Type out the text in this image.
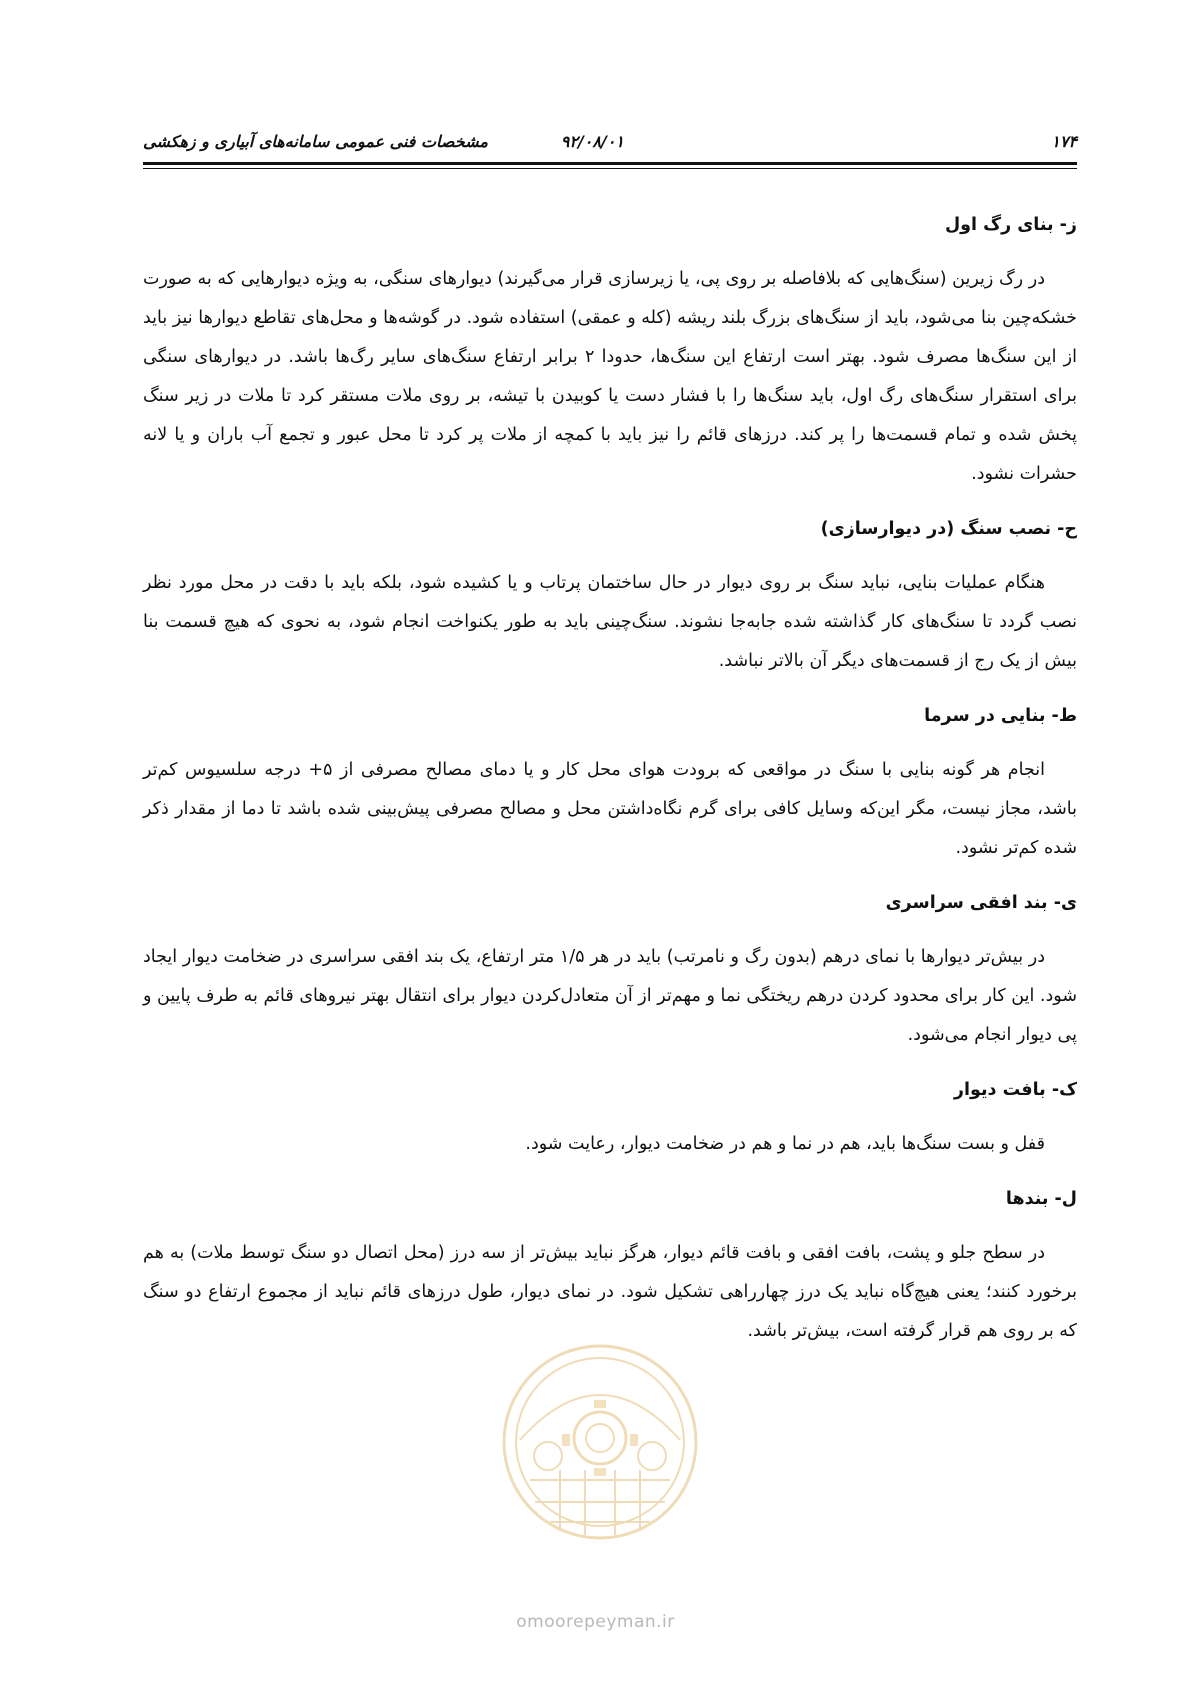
۱۷۴
۹۲/۰۸/۰۱
مشخصات فنی عمومی سامانه‌های آبیاری و زهکشی
ز- بنای رگ اول

در رگ زیرین (سنگ‌هایی که بلافاصله بر روی پی، یا زیرسازی قرار می‌گیرند) دیوارهای سنگی، به ویژه دیوارهایی که به صورت خشکه‌چین بنا می‌شود، باید از سنگ‌های بزرگ بلند ریشه (کله و عمقی) استفاده شود. در گوشه‌ها و محل‌های تقاطع دیوارها نیز باید از این سنگ‌ها مصرف شود. بهتر است ارتفاع این سنگ‌ها، حدودا ۲ برابر ارتفاع سنگ‌های سایر رگ‌ها باشد. در دیوارهای سنگی برای استقرار سنگ‌های رگ اول، باید سنگ‌ها را با فشار دست یا کوبیدن با تیشه، بر روی ملات مستقر کرد تا ملات در زیر سنگ پخش شده و تمام قسمت‌ها را پر کند. درزهای قائم را نیز باید با کمچه از ملات پر کرد تا محل عبور و تجمع آب باران و یا لانه حشرات نشود.

ح- نصب سنگ (در دیوارسازی)

هنگام عملیات بنایی، نباید سنگ بر روی دیوار در حال ساختمان پرتاب و یا کشیده شود، بلکه باید با دقت در محل مورد نظر نصب گردد تا سنگ‌های کار گذاشته شده جابه‌جا نشوند. سنگ‌چینی باید به طور یکنواخت انجام شود، به نحوی که هیچ قسمت بنا بیش از یک رج از قسمت‌های دیگر آن بالاتر نباشد.

ط- بنایی در سرما

انجام هر گونه بنایی با سنگ در مواقعی که برودت هوای محل کار و یا دمای مصالح مصرفی از ۵+ درجه سلسیوس کم‌تر باشد، مجاز نیست، مگر این‌که وسایل کافی برای گرم نگاه‌داشتن محل و مصالح مصرفی پیش‌بینی شده باشد تا دما از مقدار ذکر شده کم‌تر نشود.

ی- بند افقی سراسری

در بیش‌تر دیوارها با نمای درهم (بدون رگ و نامرتب) باید در هر ۱/۵ متر ارتفاع، یک بند افقی سراسری در ضخامت دیوار ایجاد شود. این کار برای محدود کردن درهم ریختگی نما و مهم‌تر از آن متعادل‌کردن دیوار برای انتقال بهتر نیروهای قائم به طرف پایین و پی دیوار انجام می‌شود.

ک- بافت دیوار

قفل و بست سنگ‌ها باید، هم در نما و هم در ضخامت دیوار، رعایت شود.

ل- بندها

در سطح جلو و پشت، بافت افقی و بافت قائم دیوار، هرگز نباید بیش‌تر از سه درز (محل اتصال دو سنگ توسط ملات) به هم برخورد کنند؛ یعنی هیچ‌گاه نباید یک درز چهارراهی تشکیل شود. در نمای دیوار، طول درزهای قائم نباید از مجموع ارتفاع دو سنگ که بر روی هم قرار گرفته است، بیش‌تر باشد.

omoorepeyman.ir
